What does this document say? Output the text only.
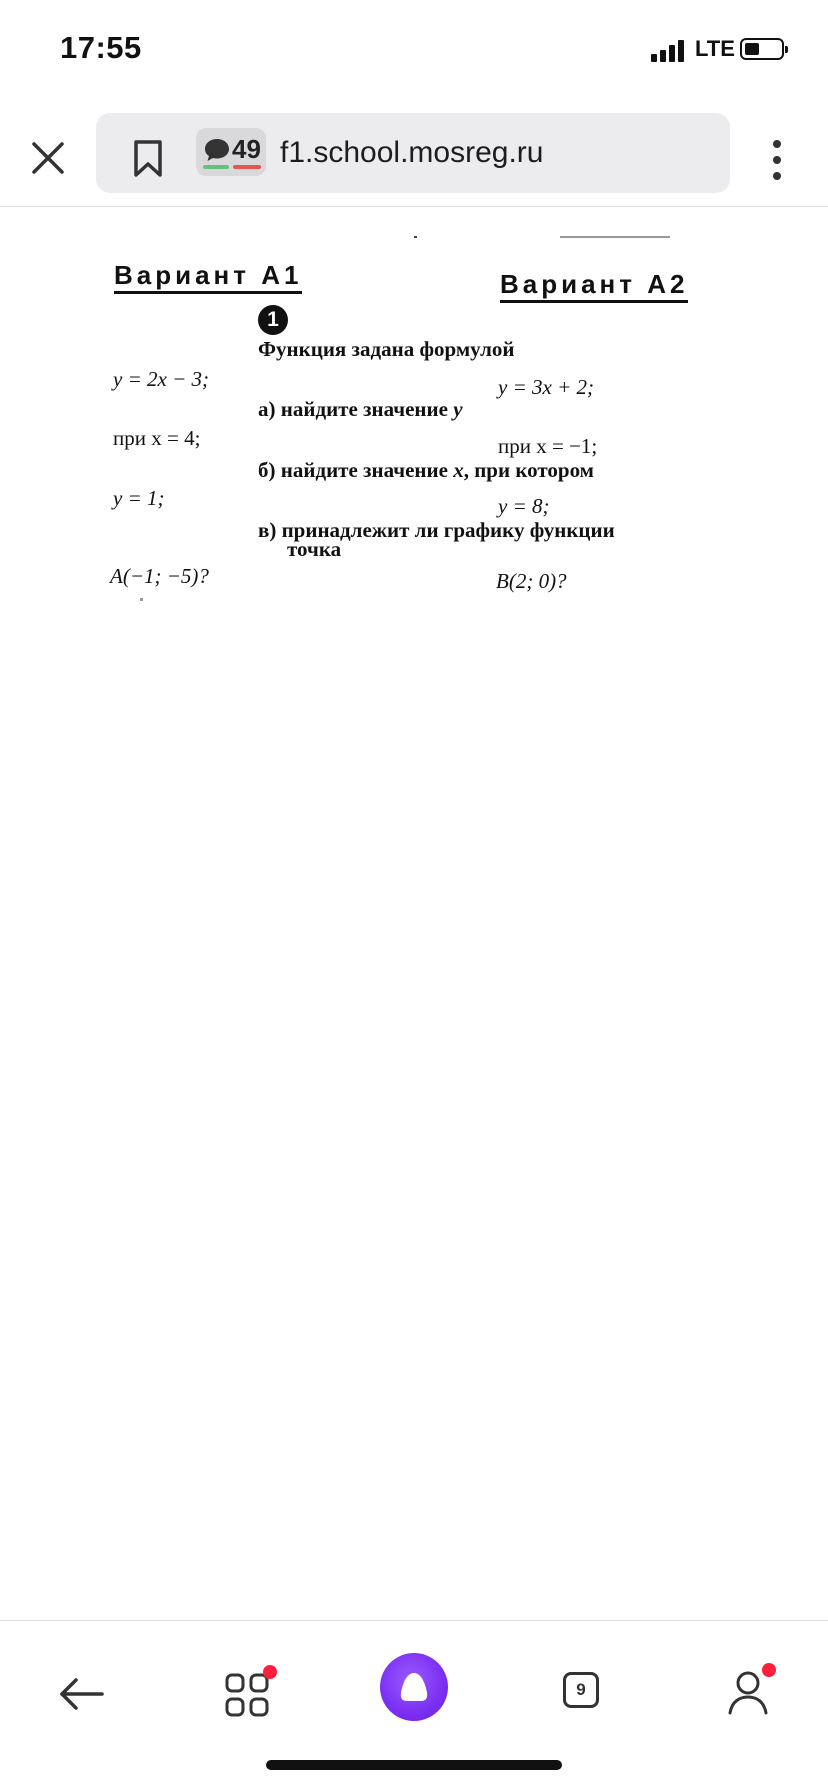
17:55	LTE
49 f1.school.mosreg.ru
Вариант А1	Вариант А2
1
Функция задана формулой
y = 2x − 3;	y = 3x + 2;
а) найдите значение y
при x = 4;	при x = −1;
б) найдите значение x, при котором
y = 1;	y = 8;
в) принадлежит ли графику функции
точка
A(−1; −5)?	B(2; 0)?
9
